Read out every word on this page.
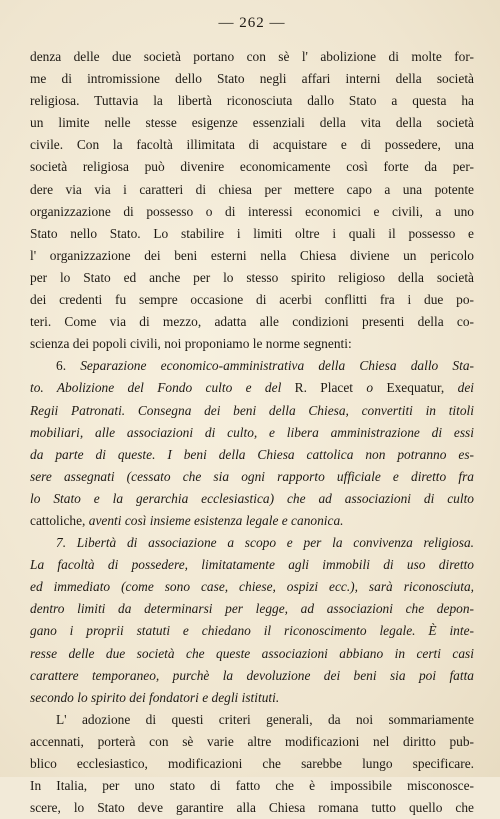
— 262 —
denza delle due società portano con sè l' abolizione di molte for-
me di intromissione dello Stato negli affari interni della società
religiosa. Tuttavia la libertà riconosciuta dallo Stato a questa ha
un limite nelle stesse esigenze essenziali della vita della società
civile. Con la facoltà illimitata di acquistare e di possedere, una
società religiosa può divenire economicamente così forte da per-
dere via via i caratteri di chiesa per mettere capo a una potente
organizzazione di possesso o di interessi economici e civili, a uno
Stato nello Stato. Lo stabilire i limiti oltre i quali il possesso e
l' organizzazione dei beni esterni nella Chiesa diviene un pericolo
per lo Stato ed anche per lo stesso spirito religioso della società
dei credenti fu sempre occasione di acerbi conflitti fra i due po-
teri. Come via di mezzo, adatta alle condizioni presenti della co-
scienza dei popoli civili, noi proponiamo le norme segnenti:
6. Separazione economico-amministrativa della Chiesa dallo Sta-
to. Abolizione del Fondo culto e del R. Placet o Exequatur, dei
Regii Patronati. Consegna dei beni della Chiesa, convertiti in titoli
mobiliari, alle associazioni di culto, e libera amministrazione di essi
da parte di queste. I beni della Chiesa cattolica non potranno es-
sere assegnati (cessato che sia ogni rapporto ufficiale e diretto fra
lo Stato e la gerarchia ecclesiastica) che ad associazioni di culto
cattoliche, aventi così insieme esistenza legale e canonica.
7. Libertà di associazione a scopo e per la convivenza religiosa.
La facoltà di possedere, limitatamente agli immobili di uso diretto
ed immediato (come sono case, chiese, ospizi ecc.), sarà riconosciuta,
dentro limiti da determinarsi per legge, ad associazioni che depon-
gano i proprii statuti e chiedano il riconoscimento legale. È inte-
resse delle due società che queste associazioni abbiano in certi casi
carattere temporaneo, purchè la devoluzione dei beni sia poi fatta
secondo lo spirito dei fondatori e degli istituti.
L' adozione di questi criteri generali, da noi sommariamente
accennati, porterà con sè varie altre modificazioni nel diritto pub-
blico ecclesiastico, modificazioni che sarebbe lungo specificare.
In Italia, per uno stato di fatto che è impossibile misconosce-
scere, lo Stato deve garantire alla Chiesa romana tutto quello che
